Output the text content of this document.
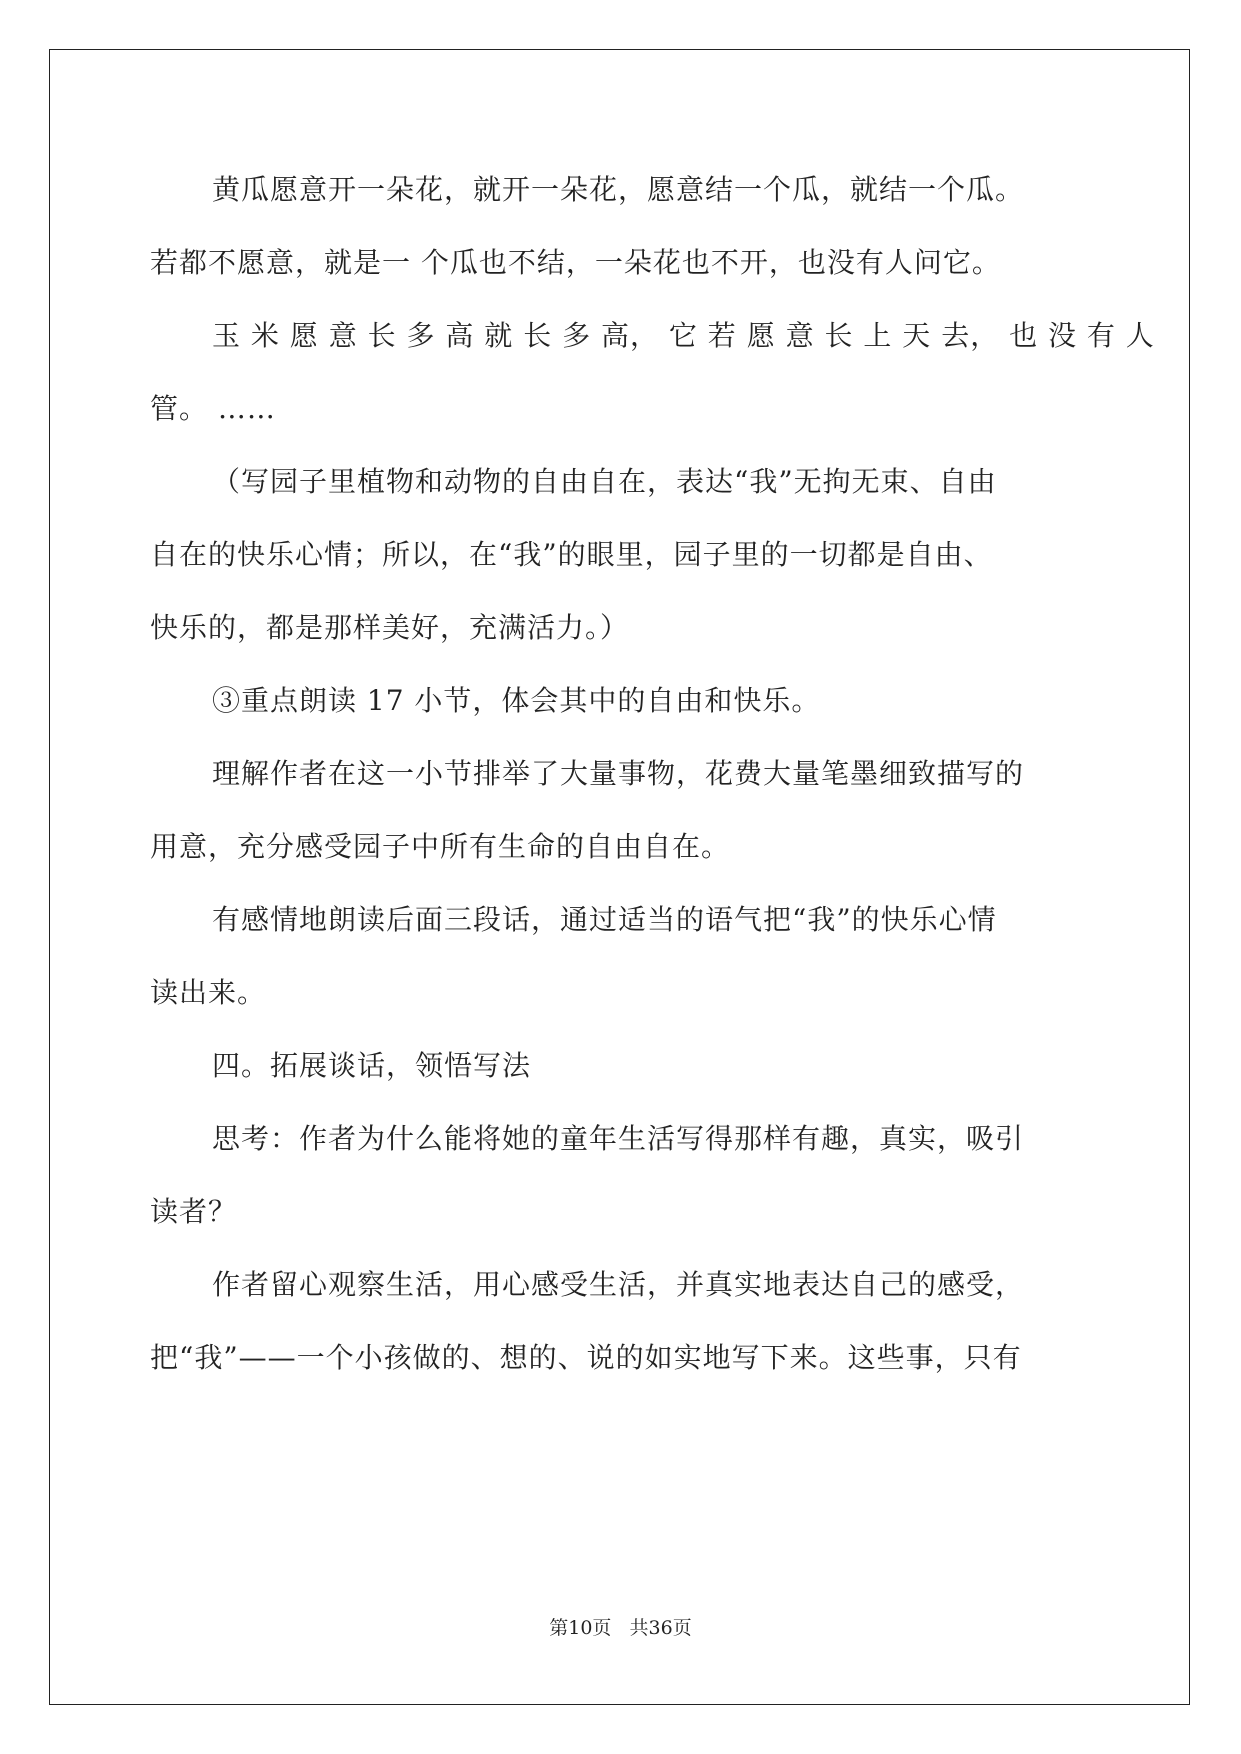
黄瓜愿意开一朵花，就开一朵花，愿意结一个瓜，就结一个瓜。
若都不愿意，就是一 个瓜也不结，一朵花也不开，也没有人问它。
玉 米 愿 意 长 多 高 就 长 多 高， 它 若 愿 意 长 上 天 去， 也 没 有 人
管。 ……
（写园子里植物和动物的自由自在，表达“我”无拘无束、自由
自在的快乐心情；所以，在“我”的眼里，园子里的一切都是自由、
快乐的，都是那样美好，充满活力。）
③重点朗读 17 小节，体会其中的自由和快乐。
理解作者在这一小节排举了大量事物，花费大量笔墨细致描写的
用意，充分感受园子中所有生命的自由自在。
有感情地朗读后面三段话，通过适当的语气把“我”的快乐心情
读出来。
四。拓展谈话，领悟写法
思考：作者为什么能将她的童年生活写得那样有趣，真实，吸引
读者？
作者留心观察生活，用心感受生活，并真实地表达自己的感受，
把“我”——一个小孩做的、想的、说的如实地写下来。这些事，只有
第10页   共36页
